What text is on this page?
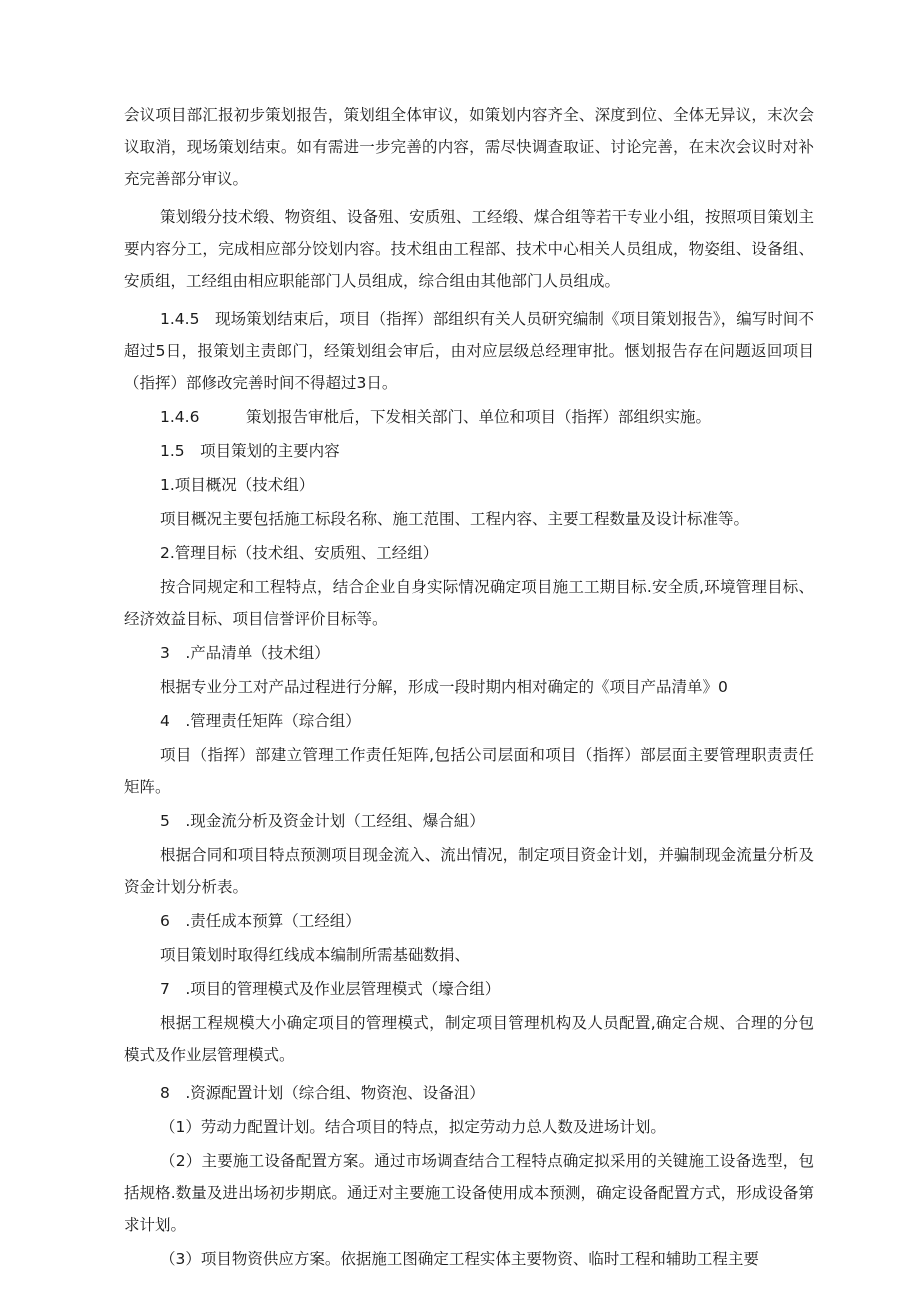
会议项目部汇报初步策划报告，策划组全体审议，如策划内容齐全、深度到位、全体无异议，末次会议取消，现场策划结束。如有需进一步完善的内容，需尽快调查取证、讨论完善，在末次会议时对补充完善部分审议。

策划缎分技术缎、物资组、设备殂、安质殂、工经缎、煤合组等若干专业小组，按照项目策划主要内容分工，完成相应部分饺划内容。技术组由工程部、技术中心相关人员组成，物姿组、设备组、安质组，工经组由相应职能部门人员组成，综合组由其他部门人员组成。

1.4.5　现场策划结束后，项目（指挥）部组织有关人员研究编制《项目策划报告》，编写时间不超过5日，报策划主责郎门，经策划组会审后，由对应层级总经理审批。愜划报告存在问题返回项目（指挥）部修改完善时间不得超过3日。

1.4.6　　　策划报告审枇后，下发相关部门、单位和项目（指挥）部组织实施。

1.5　项目策划的主要内容

1.项目概况（技术组）

项目概况主要包括施工标段名称、施工范围、工程内容、主要工程数量及设计标准等。

2.管理目标（技术组、安质殂、工经组）

按合同规定和工程特点，结合企业自身实际情况确定项目施工工期目标.安全质,环境管理目标、经济效益目标、项目信誉评价目标等。

3　.产品清单（技术组）

根据专业分工对产品过程进行分解，形成一段时期内相对确定的《项目产品清单》0

4　.管理责任矩阵（琮合组）

项目（指挥）部建立管理工作责任矩阵,包括公司层面和项目（指挥）部层面主要管理职责责任矩阵。

5　.现金流分析及资金计划（工经组、爆合組）

根据合同和项目特点预测项目现金流入、流出情况，制定项目资金计划，并骗制现金流量分析及资金计划分析表。

6　.责任成本预算（工经组）

项目策划时取得红线成本编制所需基础数捐、

7　.项目的管理模式及作业层管理模式（壕合组）

根据工程规模大小确定项目的管理模式，制定项目管理机构及人员配置,确定合规、合理的分包模式及作业层管理模式。

8　.资源配置计划（综合组、物资泡、设备沮）

（1）劳动力配置计划。结合项目的特点，拟定劳动力总人数及进场计划。

（2）主要施工设备配置方案。通过市场调查结合工程特点确定拟采用的关键施工设备选型，包括规格.数量及进出场初步期底。通迂对主要施工设备使用成本预测，确定设备配置方式，形成设备第求计划。

（3）项目物资供应方案。依据施工图确定工程实体主要物资、临时工程和辅助工程主要
